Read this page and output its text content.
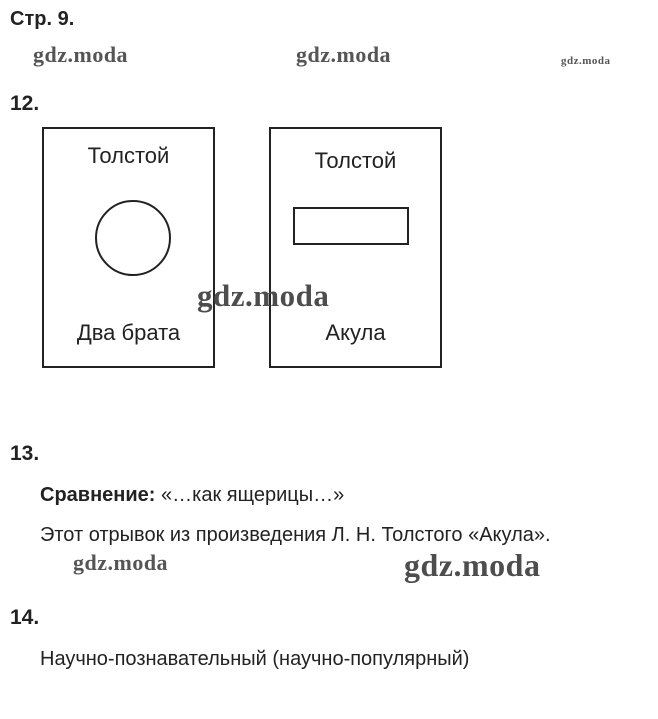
Стр. 9.
gdz.moda	gdz.moda	gdz.moda
12.
Толстой
Два брата
Толстой
Акула
gdz.moda
13.
Сравнение: «…как ящерицы…»
Этот отрывок из произведения Л. Н. Толстого «Акула».
gdz.moda	gdz.moda
14.
Научно-познавательный (научно-популярный)
